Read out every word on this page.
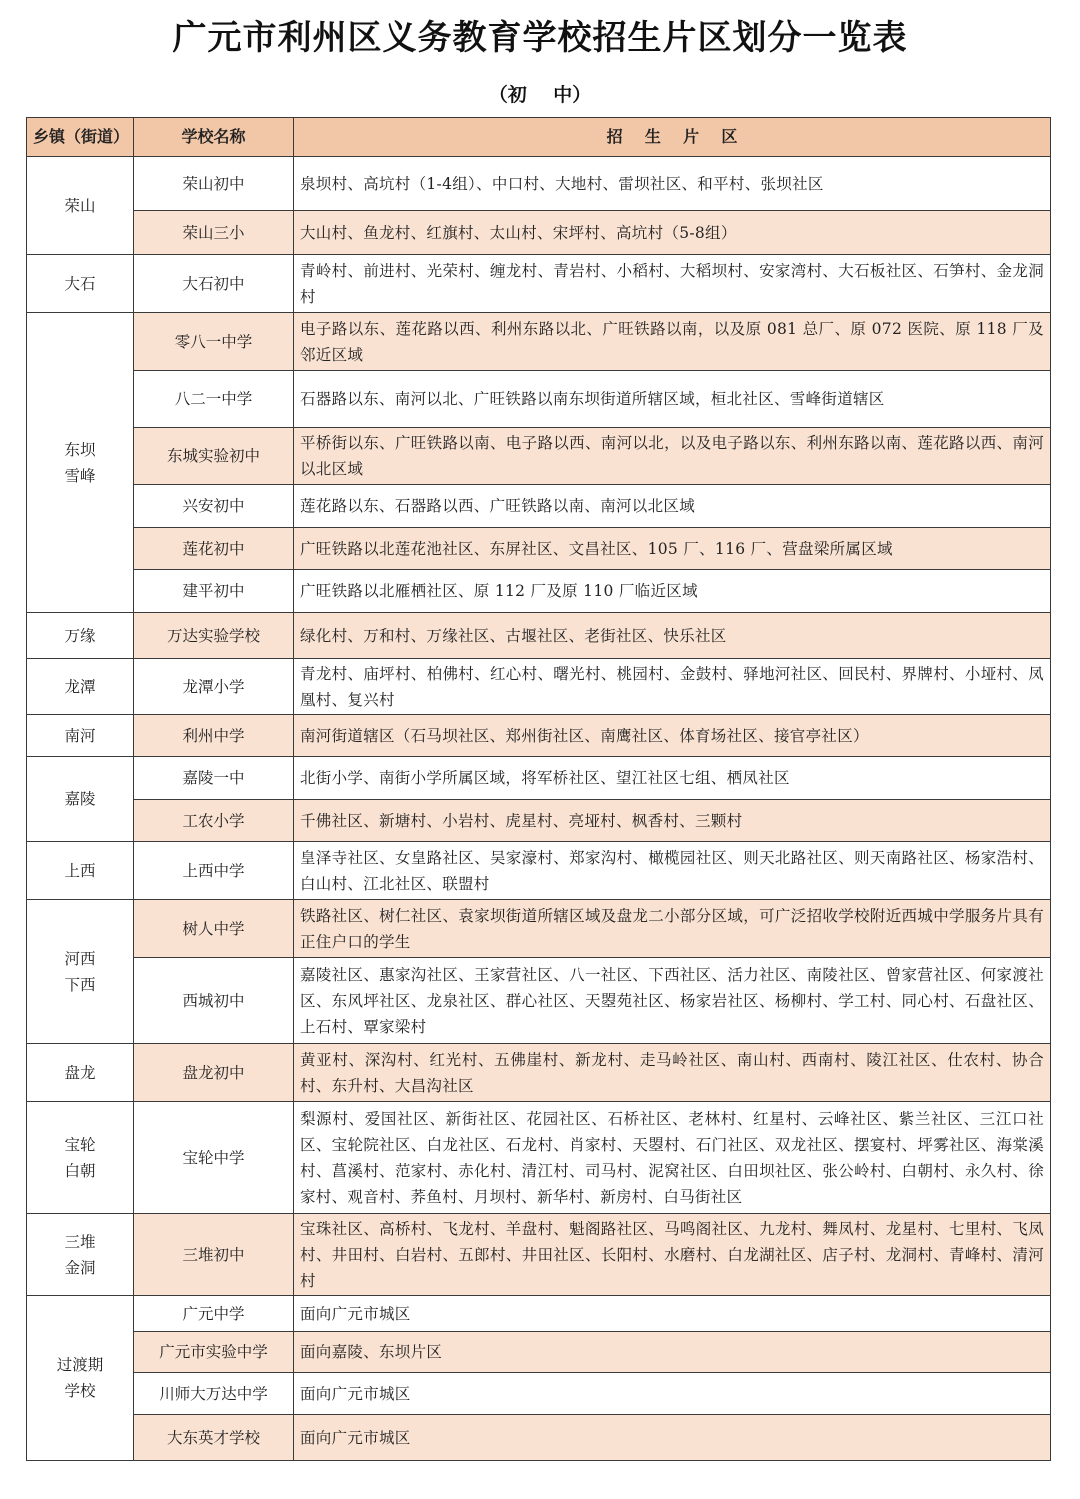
广元市利州区义务教育学校招生片区划分一览表
（初    中）
乡镇（街道）	学校名称	招    生    片    区
荣山	荣山初中	泉坝村、高坑村（1-4组）、中口村、大地村、雷坝社区、和平村、张坝社区
	荣山三小	大山村、鱼龙村、红旗村、太山村、宋坪村、高坑村（5-8组）
大石	大石初中	青岭村、前进村、光荣村、缠龙村、青岩村、小稻村、大稻坝村、安家湾村、大石板社区、石笋村、金龙洞村
东坝
雪峰	零八一中学	电子路以东、莲花路以西、利州东路以北、广旺铁路以南，以及原 081 总厂、原 072 医院、原 118 厂及邻近区域
	八二一中学	石器路以东、南河以北、广旺铁路以南东坝街道所辖区域，桓北社区、雪峰街道辖区
	东城实验初中	平桥街以东、广旺铁路以南、电子路以西、南河以北，以及电子路以东、利州东路以南、莲花路以西、南河以北区域
	兴安初中	莲花路以东、石器路以西、广旺铁路以南、南河以北区域
	莲花初中	广旺铁路以北莲花池社区、东屏社区、文昌社区、105 厂、116 厂、营盘梁所属区域
	建平初中	广旺铁路以北雁栖社区、原 112 厂及原 110 厂临近区域
万缘	万达实验学校	绿化村、万和村、万缘社区、古堰社区、老街社区、快乐社区
龙潭	龙潭小学	青龙村、庙坪村、柏佛村、红心村、曙光村、桃园村、金鼓村、驿地河社区、回民村、界牌村、小垭村、凤凰村、复兴村
南河	利州中学	南河街道辖区（石马坝社区、郑州街社区、南鹰社区、体育场社区、接官亭社区）
嘉陵	嘉陵一中	北街小学、南街小学所属区域，将军桥社区、望江社区七组、栖凤社区
	工农小学	千佛社区、新塘村、小岩村、虎星村、亮垭村、枫香村、三颗村
上西	上西中学	皇泽寺社区、女皇路社区、吴家濠村、郑家沟村、橄榄园社区、则天北路社区、则天南路社区、杨家浩村、白山村、江北社区、联盟村
河西
下西	树人中学	铁路社区、树仁社区、袁家坝街道所辖区域及盘龙二小部分区域，可广泛招收学校附近西城中学服务片具有正住户口的学生
	西城初中	嘉陵社区、惠家沟社区、王家营社区、八一社区、下西社区、活力社区、南陵社区、曾家营社区、何家渡社区、东风坪社区、龙泉社区、群心社区、天曌苑社区、杨家岩社区、杨柳村、学工村、同心村、石盘社区、上石村、覃家梁村
盘龙	盘龙初中	黄亚村、深沟村、红光村、五佛崖村、新龙村、走马岭社区、南山村、西南村、陵江社区、仕农村、协合村、东升村、大昌沟社区
宝轮
白朝	宝轮中学	梨源村、爱国社区、新街社区、花园社区、石桥社区、老林村、红星村、云峰社区、紫兰社区、三江口社区、宝轮院社区、白龙社区、石龙村、肖家村、天曌村、石门社区、双龙社区、摆宴村、坪雾社区、海棠溪村、菖溪村、范家村、赤化村、清江村、司马村、泥窝社区、白田坝社区、张公岭村、白朝村、永久村、徐家村、观音村、荞鱼村、月坝村、新华村、新房村、白马街社区
三堆
金洞	三堆初中	宝珠社区、高桥村、飞龙村、羊盘村、魁阁路社区、马鸣阁社区、九龙村、舞凤村、龙星村、七里村、飞凤村、井田村、白岩村、五郎村、井田社区、长阳村、水磨村、白龙湖社区、店子村、龙洞村、青峰村、清河村
过渡期
学校	广元中学	面向广元市城区
	广元市实验中学	面向嘉陵、东坝片区
	川师大万达中学	面向广元市城区
	大东英才学校	面向广元市城区
